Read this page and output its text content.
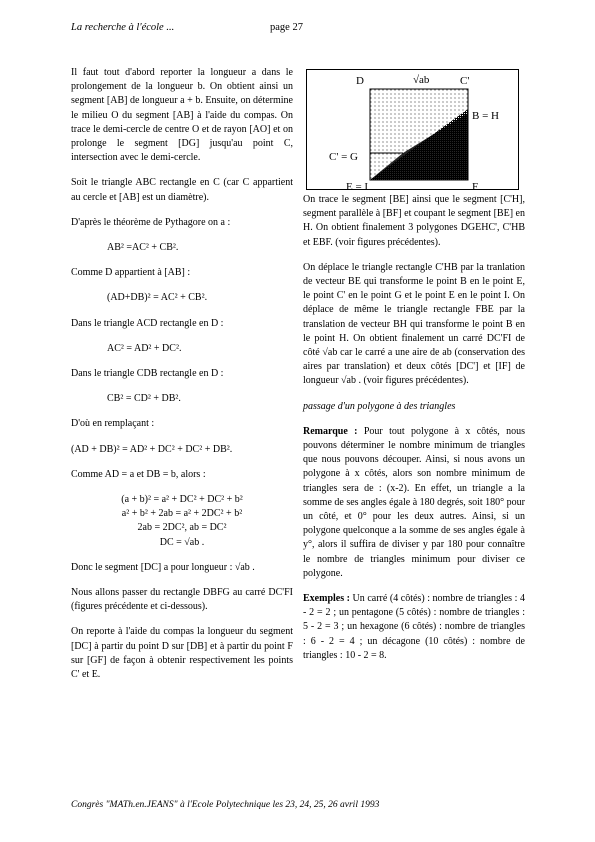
La recherche à l'école ...	page 27

Il faut tout d'abord reporter la longueur a dans le prolongement de la longueur b. On obtient ainsi un segment [AB] de longueur a + b. Ensuite, on détermine le milieu O du segment [AB] à l'aide du compas. On trace le demi-cercle de centre O et de rayon [AO] et on prolonge le segment [DG] jusqu'au point C, intersection avec le demi-cercle.

Soit le triangle ABC rectangle en C (car C appartient au cercle et [AB] est un diamètre).

D'après le théorème de Pythagore on a :

AB² =AC² + CB².

Comme D appartient à [AB] :

(AD+DB)² = AC² + CB².

Dans le triangle ACD rectangle en D :

AC² = AD² + DC².

Dans le triangle CDB rectangle en D :

CB² = CD² + DB².

D'où en remplaçant :

(AD + DB)² = AD² + DC² + DC² + DB².

Comme AD = a et DB = b, alors :

(a + b)² = a² + DC² + DC² + b²
a² + b² + 2ab = a² + 2DC² + b²
2ab = 2DC², ab = DC²
DC = √ab .

Donc le segment [DC] a pour longueur : √ab .

Nous allons passer du rectangle DBFG au carré DC'FI (figures précédente et ci-dessous).

On reporte à l'aide du compas la longueur du segment [DC] à partir du point D sur [DB] et à partir du point F sur [GF] de façon à obtenir respectivement les points C' et E.

D	√ab	C'
B = H
C' = G
E = I	F

On trace le segment [BE] ainsi que le segment [C'H], segment parallèle à [BF] et coupant le segment [BE] en H. On obtient finalement 3 polygones DGEHC', C'HB et EBF. (voir figures précédentes).

On déplace le triangle rectangle C'HB par la tranlation de vecteur BE qui transforme le point B en le point E, le point C' en le point G et le point E en le point I. On déplace de même le triangle rectangle FBE par la translation de vecteur BH qui transforme le point B en le point H. On obtient finalement un carré DC'FI de côté √ab car le carré a une aire de ab (conservation des aires par translation) et deux côtés [DC'] et [IF] de longueur √ab . (voir figures précédentes).

passage d'un polygone à des triangles

Remarque : Pour tout polygone à x côtés, nous pouvons déterminer le nombre minimum de triangles que nous pouvons découper. Ainsi, si nous avons un polygone à x côtés, alors son nombre minimum de triangles sera de : (x-2). En effet, un triangle a la somme de ses angles égale à 180 degrés, soit 180° pour un côté, et 0° pour les deux autres. Ainsi, si un polygone quelconque a la somme de ses angles égale à y°, alors il suffira de diviser y par 180 pour connaître le nombre de triangles minimum pour diviser ce polygone.

Exemples : Un carré (4 côtés) : nombre de triangles : 4 - 2 = 2 ; un pentagone (5 côtés) : nombre de triangles : 5 - 2 = 3 ; un hexagone (6 côtés) : nombre de triangles : 6 - 2 = 4 ; un décagone (10 côtés) : nombre de triangles : 10 - 2 = 8.

Congrès "MATh.en.JEANS" à l'Ecole Polytechnique les 23, 24, 25, 26 avril 1993
